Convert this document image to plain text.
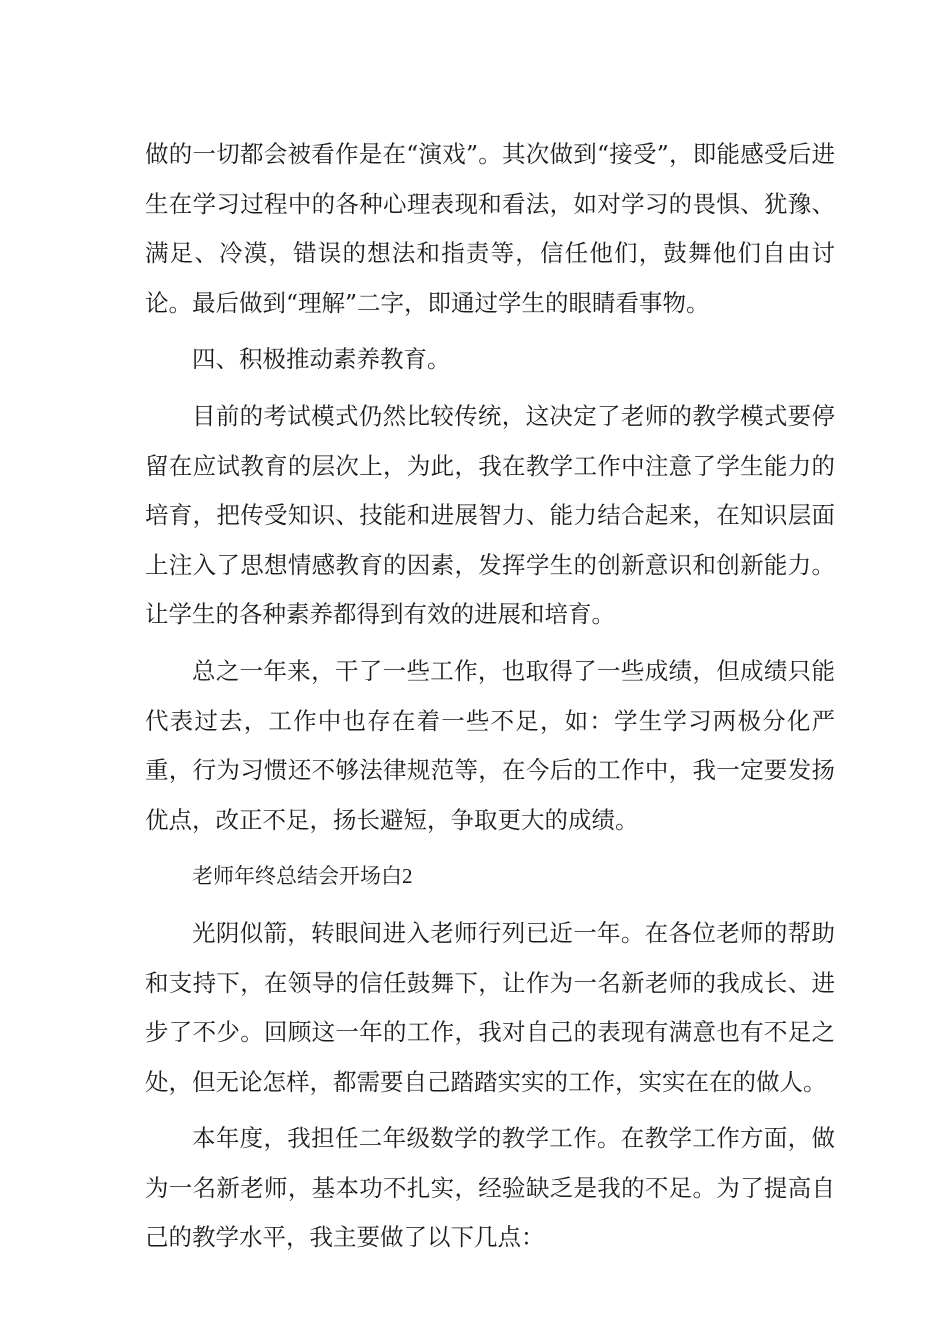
做的一切都会被看作是在“演戏”。其次做到“接受”，即能感受后进生在学习过程中的各种心理表现和看法，如对学习的畏惧、犹豫、满足、冷漠，错误的想法和指责等，信任他们，鼓舞他们自由讨论。最后做到“理解”二字，即通过学生的眼睛看事物。

四、积极推动素养教育。

目前的考试模式仍然比较传统，这决定了老师的教学模式要停留在应试教育的层次上，为此，我在教学工作中注意了学生能力的培育，把传受知识、技能和进展智力、能力结合起来，在知识层面上注入了思想情感教育的因素，发挥学生的创新意识和创新能力。让学生的各种素养都得到有效的进展和培育。

总之一年来，干了一些工作，也取得了一些成绩，但成绩只能代表过去，工作中也存在着一些不足，如：学生学习两极分化严重，行为习惯还不够法律规范等，在今后的工作中，我一定要发扬优点，改正不足，扬长避短，争取更大的成绩。

老师年终总结会开场白2

光阴似箭，转眼间进入老师行列已近一年。在各位老师的帮助和支持下，在领导的信任鼓舞下，让作为一名新老师的我成长、进步了不少。回顾这一年的工作，我对自己的表现有满意也有不足之处，但无论怎样，都需要自己踏踏实实的工作，实实在在的做人。

本年度，我担任二年级数学的教学工作。在教学工作方面，做为一名新老师，基本功不扎实，经验缺乏是我的不足。为了提高自己的教学水平，我主要做了以下几点：
